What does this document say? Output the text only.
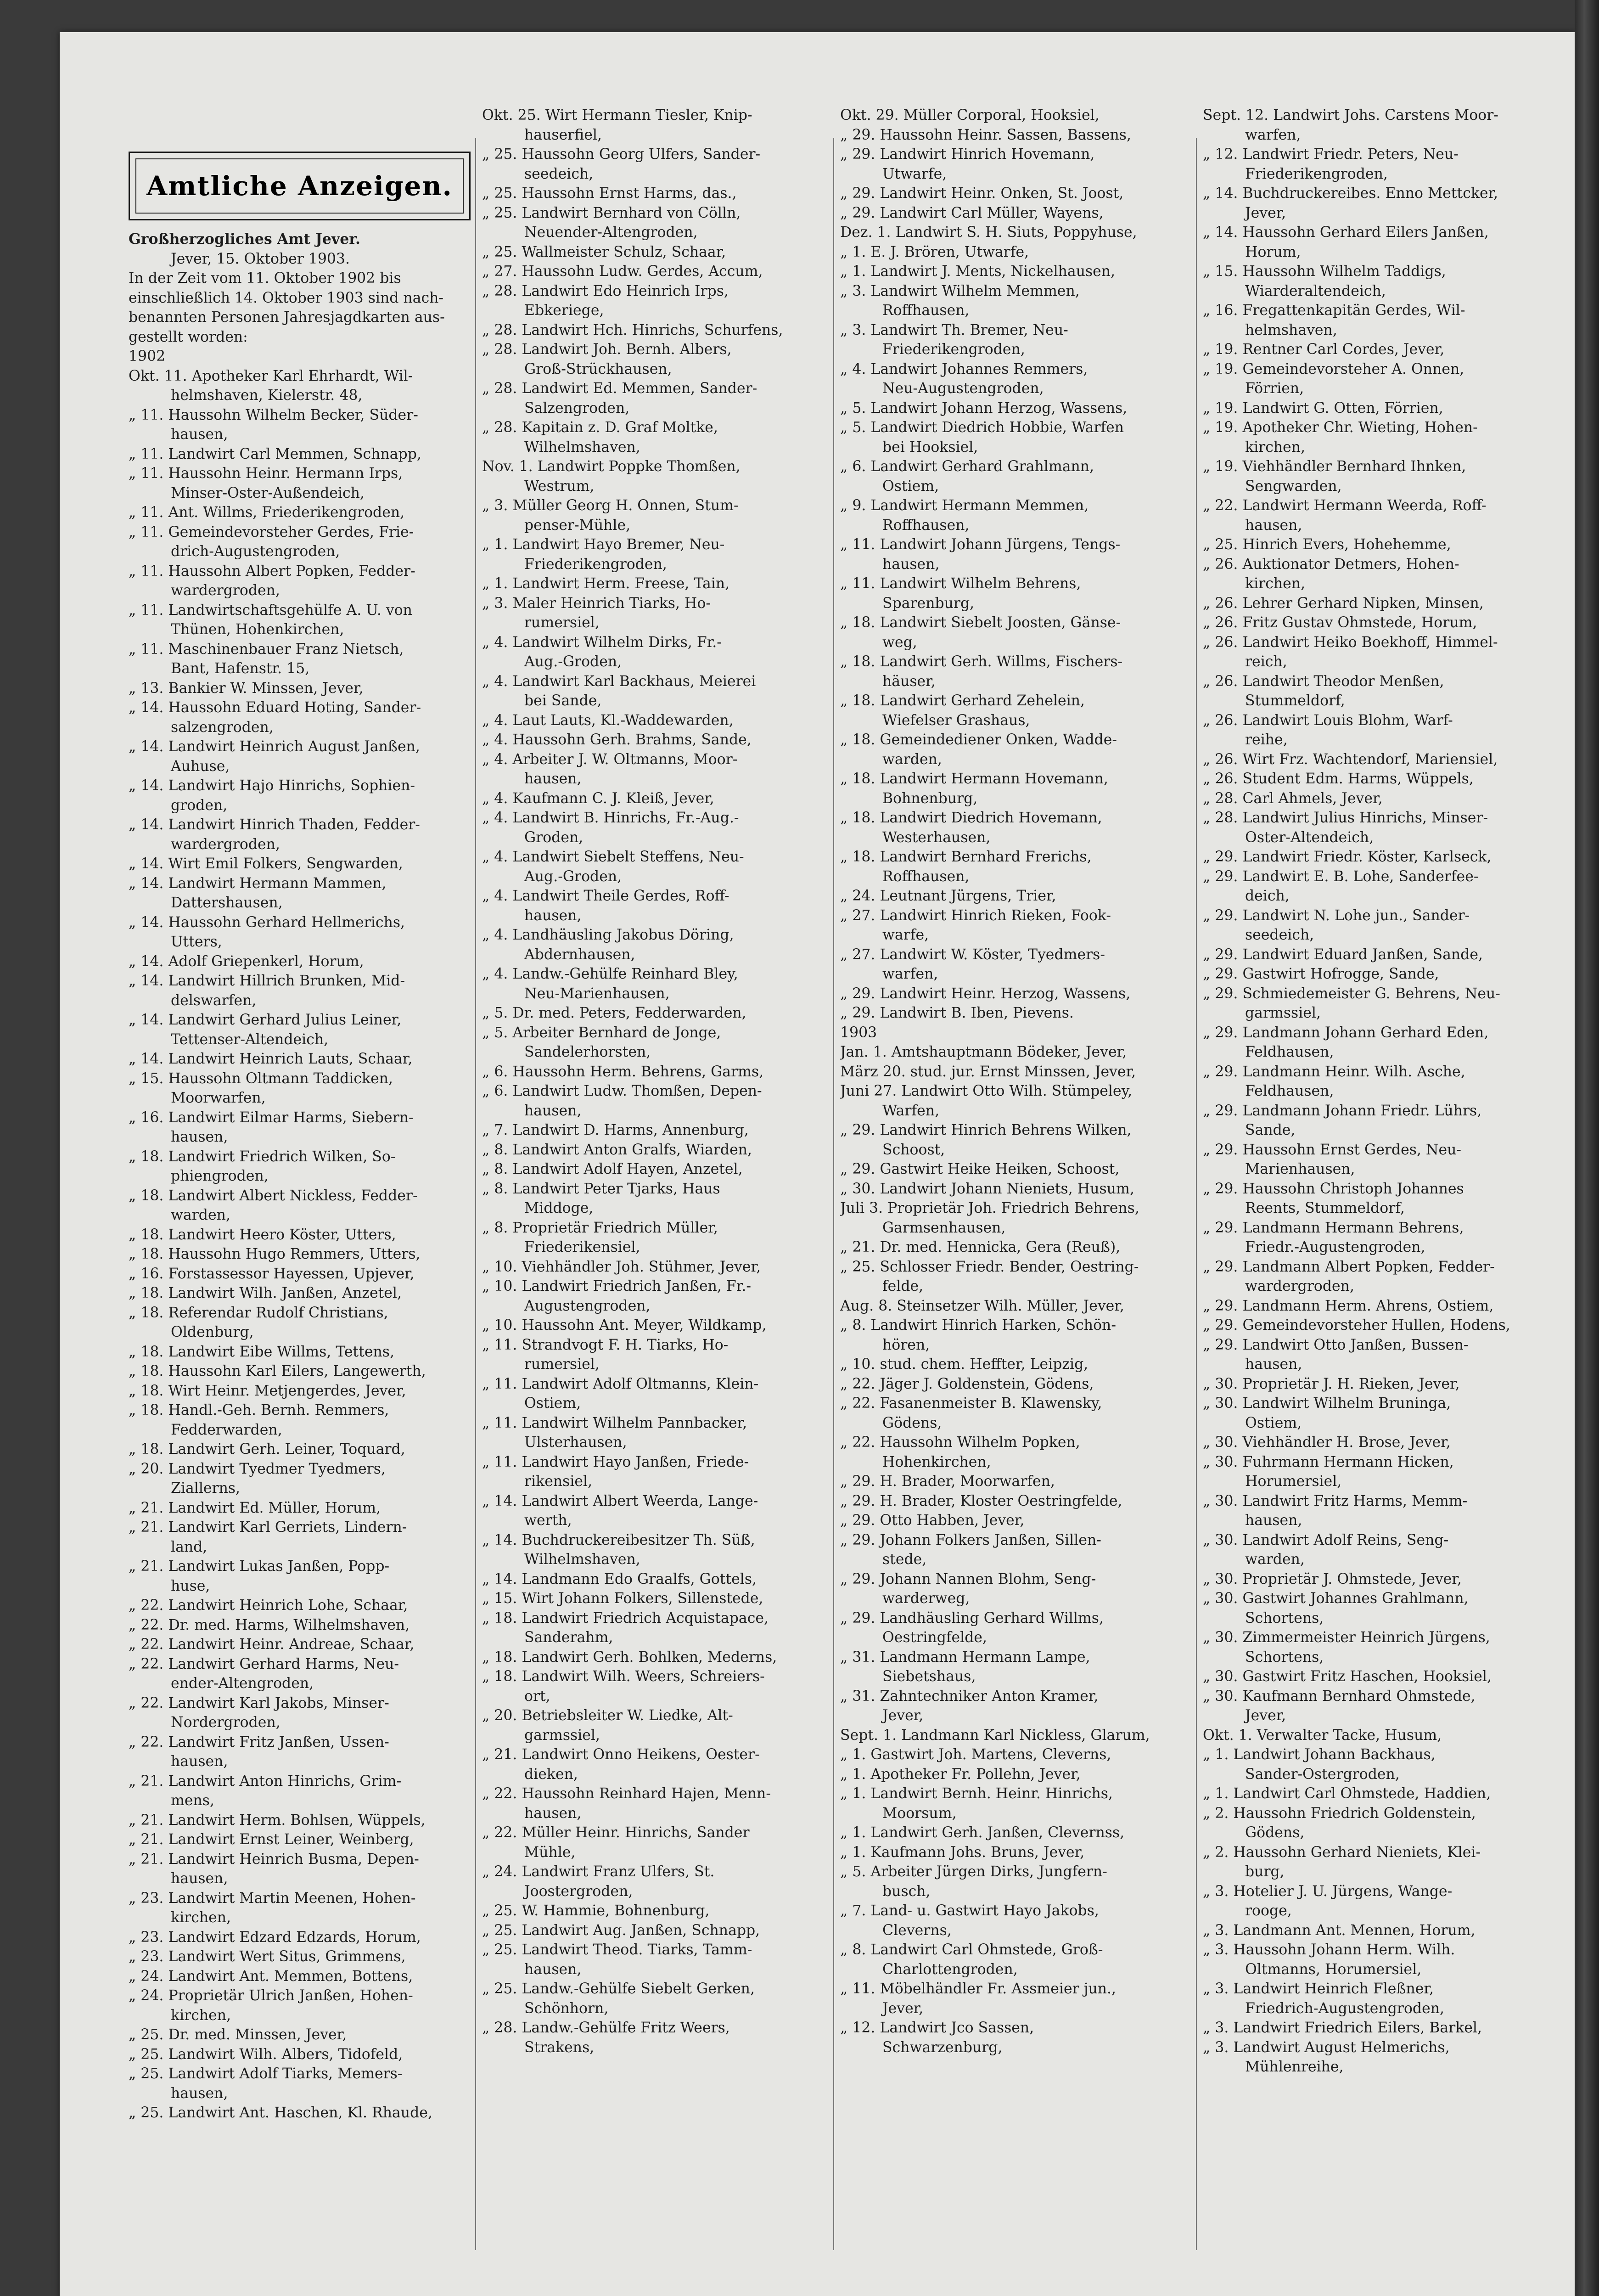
Amtliche Anzeigen.

Großherzogliches Amt Jever.

Jever, 15. Oktober 1903.

In der Zeit vom 11. Oktober 1902 bis

einschließlich 14. Oktober 1903 sind nach-

benannten Personen Jahresjagdkarten aus-

gestellt worden:

1902

Okt. 11. Apotheker Karl Ehrhardt, Wil-

helmshaven, Kielerstr. 48,

„ 11. Haussohn Wilhelm Becker, Süder-

hausen,

„ 11. Landwirt Carl Memmen, Schnapp,

„ 11. Haussohn Heinr. Hermann Irps,

Minser-Oster-Außendeich,

„ 11. Ant. Willms, Friederikengroden,

„ 11. Gemeindevorsteher Gerdes, Frie-

drich-Augustengroden,

„ 11. Haussohn Albert Popken, Fedder-

wardergroden,

„ 11. Landwirtschaftsgehülfe A. U. von

Thünen, Hohenkirchen,

„ 11. Maschinenbauer Franz Nietsch,

Bant, Hafenstr. 15,

„ 13. Bankier W. Minssen, Jever,

„ 14. Haussohn Eduard Hoting, Sander-

salzengroden,

„ 14. Landwirt Heinrich August Janßen,

Auhuse,

„ 14. Landwirt Hajo Hinrichs, Sophien-

groden,

„ 14. Landwirt Hinrich Thaden, Fedder-

wardergroden,

„ 14. Wirt Emil Folkers, Sengwarden,

„ 14. Landwirt Hermann Mammen,

Dattershausen,

„ 14. Haussohn Gerhard Hellmerichs,

Utters,

„ 14. Adolf Griepenkerl, Horum,

„ 14. Landwirt Hillrich Brunken, Mid-

delswarfen,

„ 14. Landwirt Gerhard Julius Leiner,

Tettenser-Altendeich,

„ 14. Landwirt Heinrich Lauts, Schaar,

„ 15. Haussohn Oltmann Taddicken,

Moorwarfen,

„ 16. Landwirt Eilmar Harms, Siebern-

hausen,

„ 18. Landwirt Friedrich Wilken, So-

phiengroden,

„ 18. Landwirt Albert Nickless, Fedder-

warden,

„ 18. Landwirt Heero Köster, Utters,

„ 18. Haussohn Hugo Remmers, Utters,

„ 16. Forstassessor Hayessen, Upjever,

„ 18. Landwirt Wilh. Janßen, Anzetel,

„ 18. Referendar Rudolf Christians,

Oldenburg,

„ 18. Landwirt Eibe Willms, Tettens,

„ 18. Haussohn Karl Eilers, Langewerth,

„ 18. Wirt Heinr. Metjengerdes, Jever,

„ 18. Handl.-Geh. Bernh. Remmers,

Fedderwarden,

„ 18. Landwirt Gerh. Leiner, Toquard,

„ 20. Landwirt Tyedmer Tyedmers,

Ziallerns,

„ 21. Landwirt Ed. Müller, Horum,

„ 21. Landwirt Karl Gerriets, Lindern-

land,

„ 21. Landwirt Lukas Janßen, Popp-

huse,

„ 22. Landwirt Heinrich Lohe, Schaar,

„ 22. Dr. med. Harms, Wilhelmshaven,

„ 22. Landwirt Heinr. Andreae, Schaar,

„ 22. Landwirt Gerhard Harms, Neu-

ender-Altengroden,

„ 22. Landwirt Karl Jakobs, Minser-

Nordergroden,

„ 22. Landwirt Fritz Janßen, Ussen-

hausen,

„ 21. Landwirt Anton Hinrichs, Grim-

mens,

„ 21. Landwirt Herm. Bohlsen, Wüppels,

„ 21. Landwirt Ernst Leiner, Weinberg,

„ 21. Landwirt Heinrich Busma, Depen-

hausen,

„ 23. Landwirt Martin Meenen, Hohen-

kirchen,

„ 23. Landwirt Edzard Edzards, Horum,

„ 23. Landwirt Wert Situs, Grimmens,

„ 24. Landwirt Ant. Memmen, Bottens,

„ 24. Proprietär Ulrich Janßen, Hohen-

kirchen,

„ 25. Dr. med. Minssen, Jever,

„ 25. Landwirt Wilh. Albers, Tidofeld,

„ 25. Landwirt Adolf Tiarks, Memers-

hausen,

„ 25. Landwirt Ant. Haschen, Kl. Rhaude,

Okt. 25. Wirt Hermann Tiesler, Knip-

hauserfiel,

„ 25. Haussohn Georg Ulfers, Sander-

seedeich,

„ 25. Haussohn Ernst Harms, das.,

„ 25. Landwirt Bernhard von Cölln,

Neuender-Altengroden,

„ 25. Wallmeister Schulz, Schaar,

„ 27. Haussohn Ludw. Gerdes, Accum,

„ 28. Landwirt Edo Heinrich Irps,

Ebkeriege,

„ 28. Landwirt Hch. Hinrichs, Schurfens,

„ 28. Landwirt Joh. Bernh. Albers,

Groß-Strückhausen,

„ 28. Landwirt Ed. Memmen, Sander-

Salzengroden,

„ 28. Kapitain z. D. Graf Moltke,

Wilhelmshaven,

Nov. 1. Landwirt Poppke Thomßen,

Westrum,

„ 3. Müller Georg H. Onnen, Stum-

penser-Mühle,

„ 1. Landwirt Hayo Bremer, Neu-

Friederikengroden,

„ 1. Landwirt Herm. Freese, Tain,

„ 3. Maler Heinrich Tiarks, Ho-

rumersiel,

„ 4. Landwirt Wilhelm Dirks, Fr.-

Aug.-Groden,

„ 4. Landwirt Karl Backhaus, Meierei

bei Sande,

„ 4. Laut Lauts, Kl.-Waddewarden,

„ 4. Haussohn Gerh. Brahms, Sande,

„ 4. Arbeiter J. W. Oltmanns, Moor-

hausen,

„ 4. Kaufmann C. J. Kleiß, Jever,

„ 4. Landwirt B. Hinrichs, Fr.-Aug.-

Groden,

„ 4. Landwirt Siebelt Steffens, Neu-

Aug.-Groden,

„ 4. Landwirt Theile Gerdes, Roff-

hausen,

„ 4. Landhäusling Jakobus Döring,

Abdernhausen,

„ 4. Landw.-Gehülfe Reinhard Bley,

Neu-Marienhausen,

„ 5. Dr. med. Peters, Fedderwarden,

„ 5. Arbeiter Bernhard de Jonge,

Sandelerhorsten,

„ 6. Haussohn Herm. Behrens, Garms,

„ 6. Landwirt Ludw. Thomßen, Depen-

hausen,

„ 7. Landwirt D. Harms, Annenburg,

„ 8. Landwirt Anton Gralfs, Wiarden,

„ 8. Landwirt Adolf Hayen, Anzetel,

„ 8. Landwirt Peter Tjarks, Haus

Middoge,

„ 8. Proprietär Friedrich Müller,

Friederikensiel,

„ 10. Viehhändler Joh. Stühmer, Jever,

„ 10. Landwirt Friedrich Janßen, Fr.-

Augustengroden,

„ 10. Haussohn Ant. Meyer, Wildkamp,

„ 11. Strandvogt F. H. Tiarks, Ho-

rumersiel,

„ 11. Landwirt Adolf Oltmanns, Klein-

Ostiem,

„ 11. Landwirt Wilhelm Pannbacker,

Ulsterhausen,

„ 11. Landwirt Hayo Janßen, Friede-

rikensiel,

„ 14. Landwirt Albert Weerda, Lange-

werth,

„ 14. Buchdruckereibesitzer Th. Süß,

Wilhelmshaven,

„ 14. Landmann Edo Graalfs, Gottels,

„ 15. Wirt Johann Folkers, Sillenstede,

„ 18. Landwirt Friedrich Acquistapace,

Sanderahm,

„ 18. Landwirt Gerh. Bohlken, Mederns,

„ 18. Landwirt Wilh. Weers, Schreiers-

ort,

„ 20. Betriebsleiter W. Liedke, Alt-

garmssiel,

„ 21. Landwirt Onno Heikens, Oester-

dieken,

„ 22. Haussohn Reinhard Hajen, Menn-

hausen,

„ 22. Müller Heinr. Hinrichs, Sander

Mühle,

„ 24. Landwirt Franz Ulfers, St.

Joostergroden,

„ 25. W. Hammie, Bohnenburg,

„ 25. Landwirt Aug. Janßen, Schnapp,

„ 25. Landwirt Theod. Tiarks, Tamm-

hausen,

„ 25. Landw.-Gehülfe Siebelt Gerken,

Schönhorn,

„ 28. Landw.-Gehülfe Fritz Weers,

Strakens,

Okt. 29. Müller Corporal, Hooksiel,

„ 29. Haussohn Heinr. Sassen, Bassens,

„ 29. Landwirt Hinrich Hovemann,

Utwarfe,

„ 29. Landwirt Heinr. Onken, St. Joost,

„ 29. Landwirt Carl Müller, Wayens,

Dez. 1. Landwirt S. H. Siuts, Poppyhuse,

„ 1. E. J. Brören, Utwarfe,

„ 1. Landwirt J. Ments, Nickelhausen,

„ 3. Landwirt Wilhelm Memmen,

Roffhausen,

„ 3. Landwirt Th. Bremer, Neu-

Friederikengroden,

„ 4. Landwirt Johannes Remmers,

Neu-Augustengroden,

„ 5. Landwirt Johann Herzog, Wassens,

„ 5. Landwirt Diedrich Hobbie, Warfen

bei Hooksiel,

„ 6. Landwirt Gerhard Grahlmann,

Ostiem,

„ 9. Landwirt Hermann Memmen,

Roffhausen,

„ 11. Landwirt Johann Jürgens, Tengs-

hausen,

„ 11. Landwirt Wilhelm Behrens,

Sparenburg,

„ 18. Landwirt Siebelt Joosten, Gänse-

weg,

„ 18. Landwirt Gerh. Willms, Fischers-

häuser,

„ 18. Landwirt Gerhard Zehelein,

Wiefelser Grashaus,

„ 18. Gemeindediener Onken, Wadde-

warden,

„ 18. Landwirt Hermann Hovemann,

Bohnenburg,

„ 18. Landwirt Diedrich Hovemann,

Westerhausen,

„ 18. Landwirt Bernhard Frerichs,

Roffhausen,

„ 24. Leutnant Jürgens, Trier,

„ 27. Landwirt Hinrich Rieken, Fook-

warfe,

„ 27. Landwirt W. Köster, Tyedmers-

warfen,

„ 29. Landwirt Heinr. Herzog, Wassens,

„ 29. Landwirt B. Iben, Pievens.

1903

Jan. 1. Amtshauptmann Bödeker, Jever,

März 20. stud. jur. Ernst Minssen, Jever,

Juni 27. Landwirt Otto Wilh. Stümpeley,

Warfen,

„ 29. Landwirt Hinrich Behrens Wilken,

Schoost,

„ 29. Gastwirt Heike Heiken, Schoost,

„ 30. Landwirt Johann Nieniets, Husum,

Juli 3. Proprietär Joh. Friedrich Behrens,

Garmsenhausen,

„ 21. Dr. med. Hennicka, Gera (Reuß),

„ 25. Schlosser Friedr. Bender, Oestring-

felde,

Aug. 8. Steinsetzer Wilh. Müller, Jever,

„ 8. Landwirt Hinrich Harken, Schön-

hören,

„ 10. stud. chem. Heffter, Leipzig,

„ 22. Jäger J. Goldenstein, Gödens,

„ 22. Fasanenmeister B. Klawensky,

Gödens,

„ 22. Haussohn Wilhelm Popken,

Hohenkirchen,

„ 29. H. Brader, Moorwarfen,

„ 29. H. Brader, Kloster Oestringfelde,

„ 29. Otto Habben, Jever,

„ 29. Johann Folkers Janßen, Sillen-

stede,

„ 29. Johann Nannen Blohm, Seng-

warderweg,

„ 29. Landhäusling Gerhard Willms,

Oestringfelde,

„ 31. Landmann Hermann Lampe,

Siebetshaus,

„ 31. Zahntechniker Anton Kramer,

Jever,

Sept. 1. Landmann Karl Nickless, Glarum,

„ 1. Gastwirt Joh. Martens, Cleverns,

„ 1. Apotheker Fr. Pollehn, Jever,

„ 1. Landwirt Bernh. Heinr. Hinrichs,

Moorsum,

„ 1. Landwirt Gerh. Janßen, Clevernss,

„ 1. Kaufmann Johs. Bruns, Jever,

„ 5. Arbeiter Jürgen Dirks, Jungfern-

busch,

„ 7. Land- u. Gastwirt Hayo Jakobs,

Cleverns,

„ 8. Landwirt Carl Ohmstede, Groß-

Charlottengroden,

„ 11. Möbelhändler Fr. Assmeier jun.,

Jever,

„ 12. Landwirt Jco Sassen,

Schwarzenburg,

Sept. 12. Landwirt Johs. Carstens Moor-

warfen,

„ 12. Landwirt Friedr. Peters, Neu-

Friederikengroden,

„ 14. Buchdruckereibes. Enno Mettcker,

Jever,

„ 14. Haussohn Gerhard Eilers Janßen,

Horum,

„ 15. Haussohn Wilhelm Taddigs,

Wiarderaltendeich,

„ 16. Fregattenkapitän Gerdes, Wil-

helmshaven,

„ 19. Rentner Carl Cordes, Jever,

„ 19. Gemeindevorsteher A. Onnen,

Förrien,

„ 19. Landwirt G. Otten, Förrien,

„ 19. Apotheker Chr. Wieting, Hohen-

kirchen,

„ 19. Viehhändler Bernhard Ihnken,

Sengwarden,

„ 22. Landwirt Hermann Weerda, Roff-

hausen,

„ 25. Hinrich Evers, Hohehemme,

„ 26. Auktionator Detmers, Hohen-

kirchen,

„ 26. Lehrer Gerhard Nipken, Minsen,

„ 26. Fritz Gustav Ohmstede, Horum,

„ 26. Landwirt Heiko Boekhoff, Himmel-

reich,

„ 26. Landwirt Theodor Menßen,

Stummeldorf,

„ 26. Landwirt Louis Blohm, Warf-

reihe,

„ 26. Wirt Frz. Wachtendorf, Mariensiel,

„ 26. Student Edm. Harms, Wüppels,

„ 28. Carl Ahmels, Jever,

„ 28. Landwirt Julius Hinrichs, Minser-

Oster-Altendeich,

„ 29. Landwirt Friedr. Köster, Karlseck,

„ 29. Landwirt E. B. Lohe, Sanderfee-

deich,

„ 29. Landwirt N. Lohe jun., Sander-

seedeich,

„ 29. Landwirt Eduard Janßen, Sande,

„ 29. Gastwirt Hofrogge, Sande,

„ 29. Schmiedemeister G. Behrens, Neu-

garmssiel,

„ 29. Landmann Johann Gerhard Eden,

Feldhausen,

„ 29. Landmann Heinr. Wilh. Asche,

Feldhausen,

„ 29. Landmann Johann Friedr. Lührs,

Sande,

„ 29. Haussohn Ernst Gerdes, Neu-

Marienhausen,

„ 29. Haussohn Christoph Johannes

Reents, Stummeldorf,

„ 29. Landmann Hermann Behrens,

Friedr.-Augustengroden,

„ 29. Landmann Albert Popken, Fedder-

wardergroden,

„ 29. Landmann Herm. Ahrens, Ostiem,

„ 29. Gemeindevorsteher Hullen, Hodens,

„ 29. Landwirt Otto Janßen, Bussen-

hausen,

„ 30. Proprietär J. H. Rieken, Jever,

„ 30. Landwirt Wilhelm Bruninga,

Ostiem,

„ 30. Viehhändler H. Brose, Jever,

„ 30. Fuhrmann Hermann Hicken,

Horumersiel,

„ 30. Landwirt Fritz Harms, Memm-

hausen,

„ 30. Landwirt Adolf Reins, Seng-

warden,

„ 30. Proprietär J. Ohmstede, Jever,

„ 30. Gastwirt Johannes Grahlmann,

Schortens,

„ 30. Zimmermeister Heinrich Jürgens,

Schortens,

„ 30. Gastwirt Fritz Haschen, Hooksiel,

„ 30. Kaufmann Bernhard Ohmstede,

Jever,

Okt. 1. Verwalter Tacke, Husum,

„ 1. Landwirt Johann Backhaus,

Sander-Ostergroden,

„ 1. Landwirt Carl Ohmstede, Haddien,

„ 2. Haussohn Friedrich Goldenstein,

Gödens,

„ 2. Haussohn Gerhard Nieniets, Klei-

burg,

„ 3. Hotelier J. U. Jürgens, Wange-

rooge,

„ 3. Landmann Ant. Mennen, Horum,

„ 3. Haussohn Johann Herm. Wilh.

Oltmanns, Horumersiel,

„ 3. Landwirt Heinrich Fleßner,

Friedrich-Augustengroden,

„ 3. Landwirt Friedrich Eilers, Barkel,

„ 3. Landwirt August Helmerichs,

Mühlenreihe,
